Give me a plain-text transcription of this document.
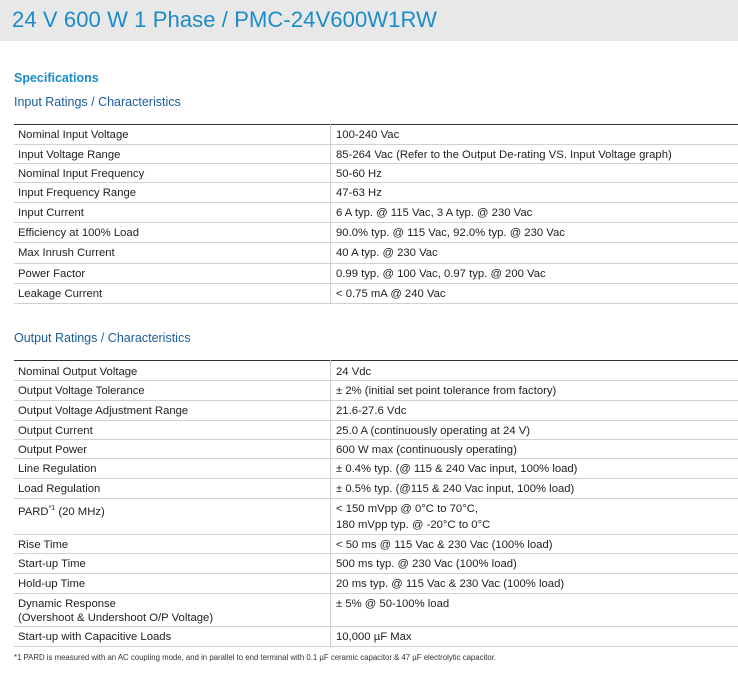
24 V 600 W 1 Phase / PMC-24V600W1RW
Specifications
Input Ratings / Characteristics
Nominal Input Voltage	100-240 Vac
Input Voltage Range	85-264 Vac (Refer to the Output De-rating VS. Input Voltage graph)
Nominal Input Frequency	50-60 Hz
Input Frequency Range	47-63 Hz
Input Current	6 A typ. @ 115 Vac, 3 A typ. @ 230 Vac
Efficiency at 100% Load	90.0% typ. @ 115 Vac, 92.0% typ. @ 230 Vac
Max Inrush Current	40 A typ. @ 230 Vac
Power Factor	0.99 typ. @ 100 Vac, 0.97 typ. @ 200 Vac
Leakage Current	< 0.75 mA @ 240 Vac
Output Ratings / Characteristics
Nominal Output Voltage	24 Vdc
Output Voltage Tolerance	± 2% (initial set point tolerance from factory)
Output Voltage Adjustment Range	21.6-27.6 Vdc
Output Current	25.0 A (continuously operating at 24 V)
Output Power	600 W max (continuously operating)
Line Regulation	± 0.4% typ. (@ 115 & 240 Vac input, 100% load)
Load Regulation	± 0.5% typ. (@115 & 240 Vac input, 100% load)
PARD$^{*1}$ (20 MHz)	< 150 mVpp @ 0°C to 70°C,
180 mVpp typ. @ -20°C to 0°C

Rise Time	< 50 ms @ 115 Vac & 230 Vac (100% load)
Start-up Time	500 ms typ. @ 230 Vac (100% load)
Hold-up Time	20 ms typ. @ 115 Vac & 230 Vac (100% load)

Dynamic Response
(Overshoot & Undershoot O/P Voltage)	± 5% @ 50-100% load
Start-up with Capacitive Loads	10,000 µF Max
*1 PARD is measured with an AC coupling mode, and in parallel to end terminal with 0.1 µF ceramic capacitor & 47 µF electrolytic capacitor.
